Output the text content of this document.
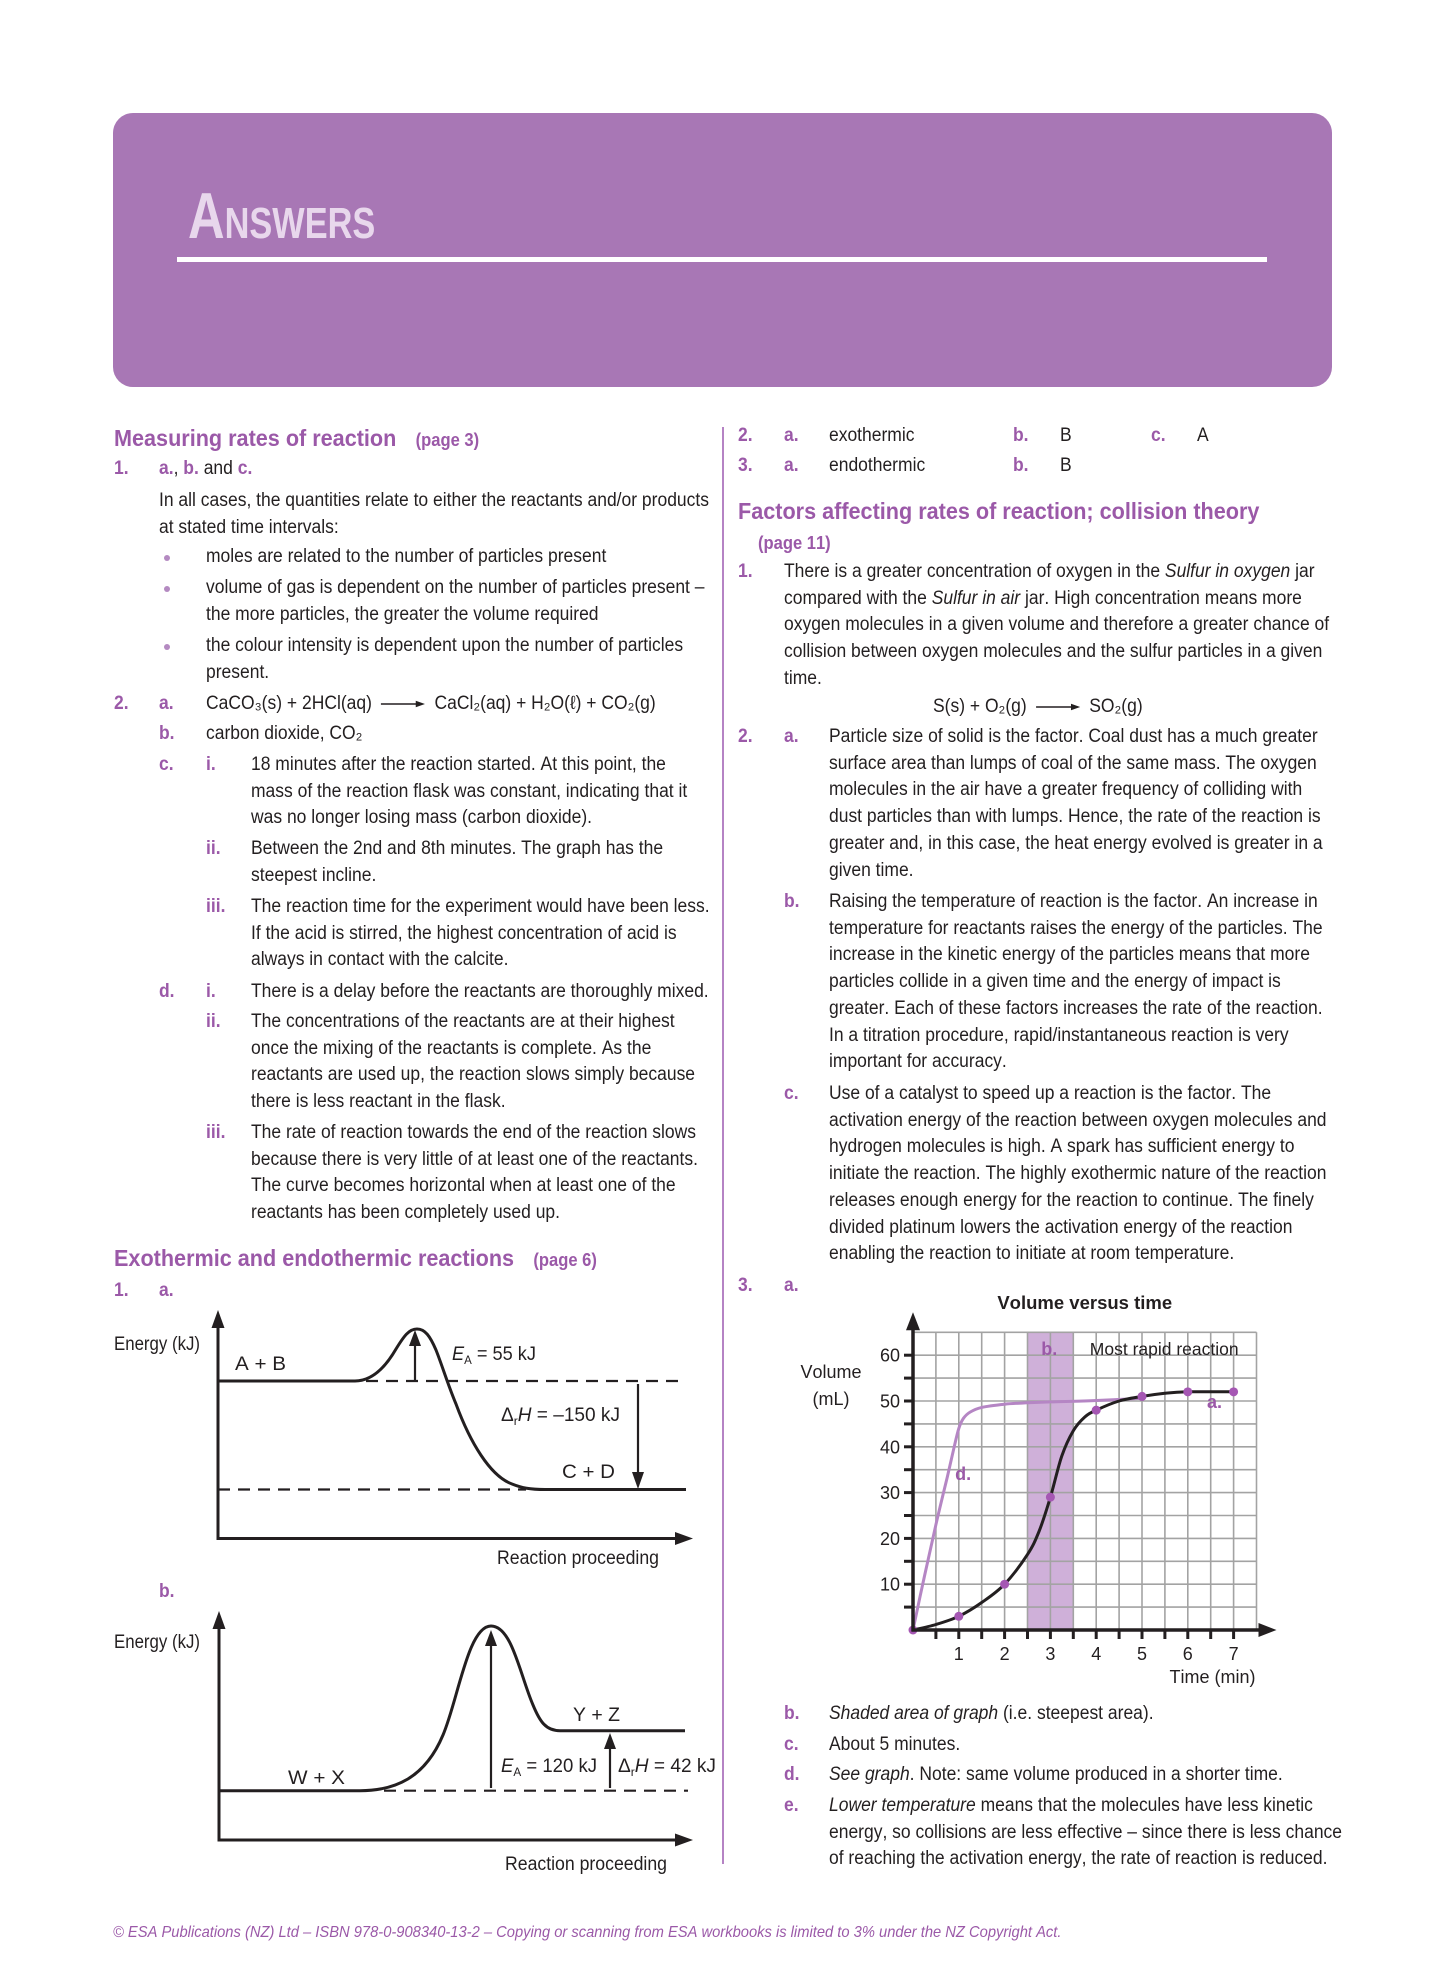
ANSWERS
Measuring rates of reaction (page 3)
1. a., b. and c.
In all cases, the quantities relate to either the reactants and/or products at stated time intervals:
moles are related to the number of particles present
volume of gas is dependent on the number of particles present – the more particles, the greater the volume required
the colour intensity is dependent upon the number of particles present.
2. a. CaCO₃(s) + 2HCl(aq) → CaCl₂(aq) + H₂O(ℓ) + CO₂(g)
b. carbon dioxide, CO₂
c. i. 18 minutes after the reaction started. At this point, the mass of the reaction flask was constant, indicating that it was no longer losing mass (carbon dioxide).
ii. Between the 2nd and 8th minutes. The graph has the steepest incline.
iii. The reaction time for the experiment would have been less. If the acid is stirred, the highest concentration of acid is always in contact with the calcite.
d. i. There is a delay before the reactants are thoroughly mixed.
ii. The concentrations of the reactants are at their highest once the mixing of the reactants is complete. As the reactants are used up, the reaction slows simply because there is less reactant in the flask.
iii. The rate of reaction towards the end of the reaction slows because there is very little of at least one of the reactants. The curve becomes horizontal when at least one of the reactants has been completely used up.
Exothermic and endothermic reactions (page 6)
1. a.
Energy (kJ)
A + B	$E_A = 55$ kJ
$\Delta_rH = -150$ kJ
C + D
Reaction proceeding
b.
Energy (kJ)
W + X
Y + Z
$E_A = 120$ kJ $\Delta_rH = 42$ kJ
Reaction proceeding
2. a. exothermic	b. B	c. A
3. a. endothermic	b. B
Factors affecting rates of reaction; collision theory
(page 11)
1. There is a greater concentration of oxygen in the Sulfur in oxygen jar compared with the Sulfur in air jar. High concentration means more oxygen molecules in a given volume and therefore a greater chance of collision between oxygen molecules and the sulfur particles in a given time.
S(s) + O₂(g) → SO₂(g)
2. a. Particle size of solid is the factor. Coal dust has a much greater surface area than lumps of coal of the same mass. The oxygen molecules in the air have a greater frequency of colliding with dust particles than with lumps. Hence, the rate of the reaction is greater and, in this case, the heat energy evolved is greater in a given time.
b. Raising the temperature of reaction is the factor. An increase in temperature for reactants raises the energy of the particles. The increase in the kinetic energy of the particles means that more particles collide in a given time and the energy of impact is greater. Each of these factors increases the rate of the reaction. In a titration procedure, rapid/instantaneous reaction is very important for accuracy.
c. Use of a catalyst to speed up a reaction is the factor. The activation energy of the reaction between oxygen molecules and hydrogen molecules is high. A spark has sufficient energy to initiate the reaction. The highly exothermic nature of the reaction releases enough energy for the reaction to continue. The finely divided platinum lowers the activation energy of the reaction enabling the reaction to initiate at room temperature.
3. a.
10
20
30
40
50
60
1 2 3 4 5 6 7
Volume versus time
Volume
(mL)
Time (min)
b. Most rapid reaction
a.
d.
b. Shaded area of graph (i.e. steepest area).
c. About 5 minutes.
d. See graph. Note: same volume produced in a shorter time.
e. Lower temperature means that the molecules have less kinetic energy, so collisions are less effective – since there is less chance of reaching the activation energy, the rate of reaction is reduced.
© ESA Publications (NZ) Ltd – ISBN 978-0-908340-13-2 – Copying or scanning from ESA workbooks is limited to 3% under the NZ Copyright Act.
